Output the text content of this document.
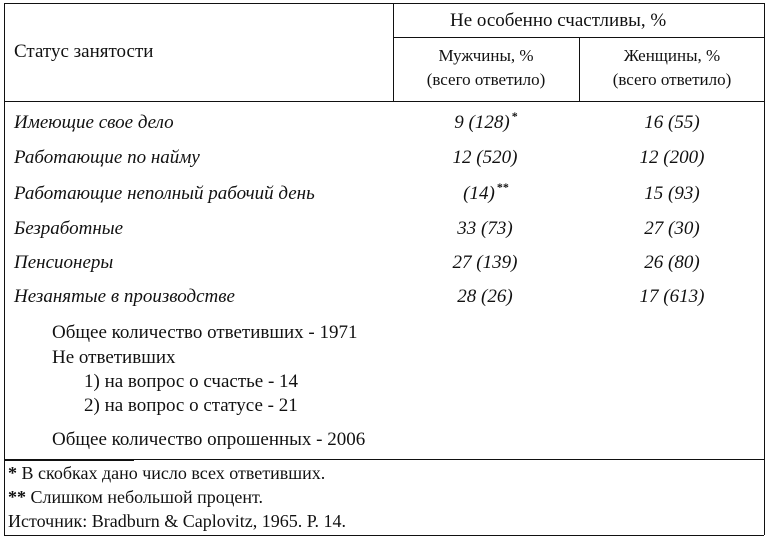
Статус занятости
Не особенно счастливы, %
Мужчины, %
(всего ответило)
Женщины, %
(всего ответило)
Имеющие свое дело	9 (128) *	16 (55)
Работающие по найму	12 (520)	12 (200)
Работающие неполный рабочий день	(14) **	15 (93)
Безработные	33 (73)	27 (30)
Пенсионеры	27 (139)	26 (80)
Незанятые в производстве	28 (26)	17 (613)
Общее количество ответивших - 1971
Не ответивших
1) на вопрос о счастье - 14
2) на вопрос о статусе - 21
Общее количество опрошенных - 2006
* В скобках дано число всех ответивших.
** Слишком небольшой процент.
Источник: Bradburn & Caplovitz, 1965. Р. 14.
